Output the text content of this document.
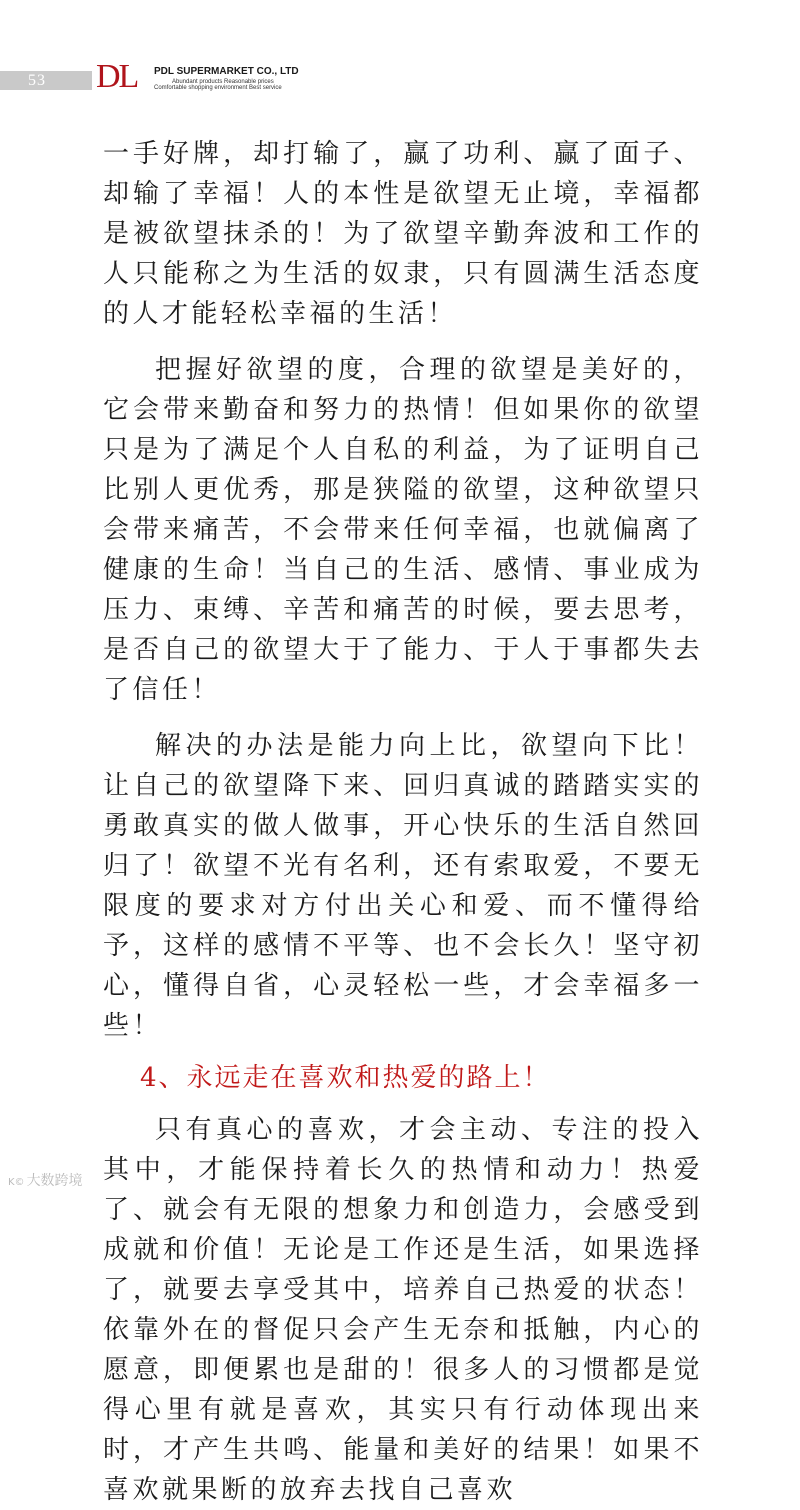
53 DL PDL SUPERMARKET CO., LTD
Abundant products Reasonable prices
Comfortable shopping environment Best service

一手好牌，却打输了，赢了功利、赢了面子、却输了幸福！人的本性是欲望无止境，幸福都是被欲望抹杀的！为了欲望辛勤奔波和工作的人只能称之为生活的奴隶，只有圆满生活态度的人才能轻松幸福的生活！

把握好欲望的度，合理的欲望是美好的，它会带来勤奋和努力的热情！但如果你的欲望只是为了满足个人自私的利益，为了证明自己比别人更优秀，那是狭隘的欲望，这种欲望只会带来痛苦，不会带来任何幸福，也就偏离了健康的生命！当自己的生活、感情、事业成为压力、束缚、辛苦和痛苦的时候，要去思考，是否自己的欲望大于了能力、于人于事都失去了信任！

解决的办法是能力向上比，欲望向下比！让自己的欲望降下来、回归真诚的踏踏实实的勇敢真实的做人做事，开心快乐的生活自然回归了！欲望不光有名利，还有索取爱，不要无限度的要求对方付出关心和爱、而不懂得给予，这样的感情不平等、也不会长久！坚守初心，懂得自省，心灵轻松一些，才会幸福多一些！

4、永远走在喜欢和热爱的路上！

只有真心的喜欢，才会主动、专注的投入其中，才能保持着长久的热情和动力！热爱了、就会有无限的想象力和创造力，会感受到成就和价值！无论是工作还是生活，如果选择了，就要去享受其中，培养自己热爱的状态！依靠外在的督促只会产生无奈和抵触，内心的愿意，即便累也是甜的！很多人的习惯都是觉得心里有就是喜欢，其实只有行动体现出来时，才产生共鸣、能量和美好的结果！如果不喜欢就果断的放弃去找自己喜欢

K© 大数跨境
